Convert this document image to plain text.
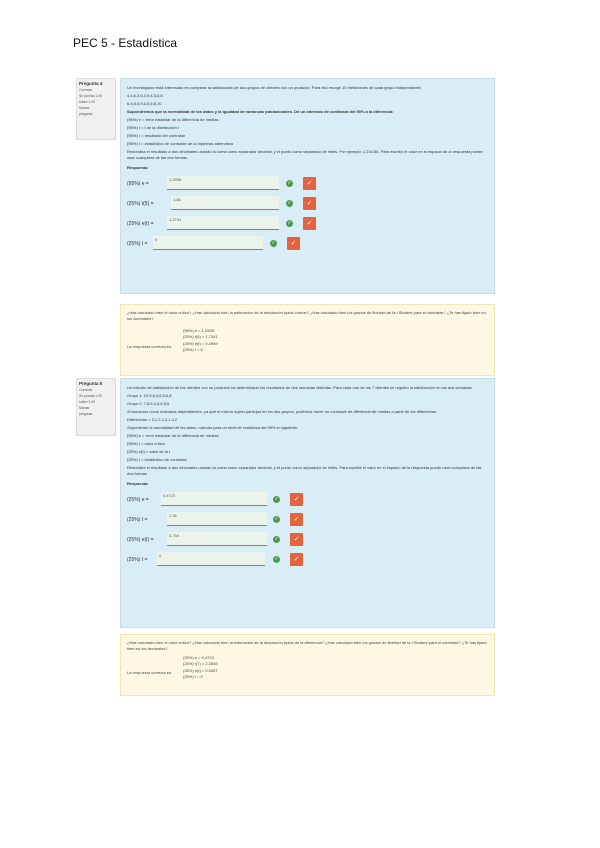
PEC 5 - Estadística
Pregunta 4
Correcta
Se puntúa 1,00
sobre 1,00
Marcar
pregunta

Un investigador está interesado en comparar la satisfacción de dos grupos de clientes con un producto. Para ello recoge 10 mediciones de cada grupo independiente,

4,4,6,3,6,3,9,4,5,6,8

6,4,8,5,9,6,5,6,8,10

Supondremos que la normalidad de los datos y la igualdad de varianzas poblacionales. Dé un intervalo de confianza del 95% a la diferencia:

(95%) e = error estándar de la diferencia de medias

(95%) t = t de la distribución t

(95%) r = resultado del contraste

(95%) t = estadístico de contraste de la hipótesis alternativa

Redondea el resultado a dos decimales usando la coma como separador decimal, y el punto como separador de miles. Por ejemplo: 1.234,56. Para escribir el valor en el espacio de la respuesta puede usar cualquiera de las dos formas.

Respuesta:

(95%) e =
1,2958
✓	✓
(25%) t(5) =
1,86
✓	✓
(25%) e(t) =
1,2741
✓	✓
(25%) t =
0
✓	✓

¿Has calculado bien el valor crítico? ¿Has calculado bien la estimación de la desviación típica común? ¿Has calculado bien los grados de libertad de la t Student para el contraste? ¿Te has fijado bien en los decimales?

La respuesta correcta es:
(95%) e = 1,2958
(25%) t(5) = 1,7341
(25%) e(t) = 0,4969
(25%) t = 0
Pregunta 5
Correcta
Se puntúa 1,00
sobre 1,00
Marcar
pregunta

Un estudio de satisfacción de los clientes con un producto ha determinado los resultados de dos semanas distintas. Para cada uno de los 7 clientes se registró la satisfacción en las dos semanas.

Grupo 1: 10,9,8,4,6,5,6,8

Grupo 2: 7,8,6,4,5,6,5,6

Si tomamos como muestras dependientes, ya que el mismo sujeto participa en los dos grupos, podemos hacer un contraste de diferencia de medias a partir de las diferencias:

Diferencias = 3,1,2,2,3,1,4,2

Suponiendo la normalidad de los datos, calcular para un nivel de confianza del 95% lo siguiente:

(95%) e = error estándar de la diferencia de medias

(95%) t = valor crítico

(25%) e(t) = valor de la t

(25%) t = estadístico de contraste

Redondea el resultado a dos decimales usando la coma como separador decimal, y el punto como separador de miles. Para escribir el valor en el espacio de la respuesta puede usar cualquiera de las dos formas.

Respuesta:

(25%) e =
0,4723
✓	✓
(25%) t =
2,36
✓	✓
(25%) e(t) =
0,764
✓	✓
(25%) t =
0
✓	✓

¿Has calculado bien el valor crítico? ¿Has calculado bien la estimación de la desviación típica de la diferencia? ¿Has calculado bien los grados de libertad de la t Student para el contraste? ¿Te has fijado bien en los decimales?

La respuesta correcta es:
(25%) e = 0,4723
(25%) t(7) = 2,3646
(25%) e(t) = 0,5497
(25%) t = 0
